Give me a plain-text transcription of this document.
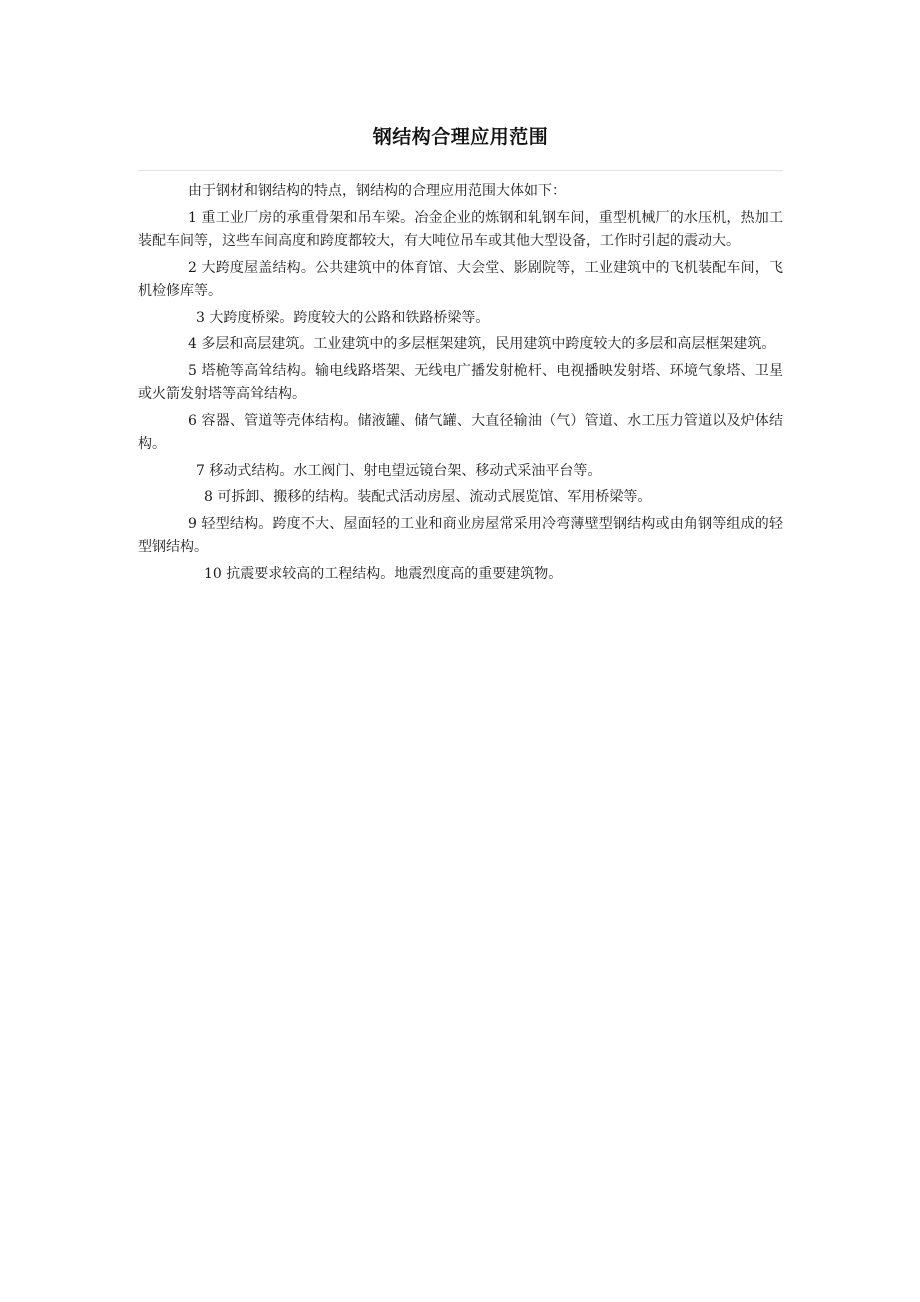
钢结构合理应用范围

由于钢材和钢结构的特点，钢结构的合理应用范围大体如下：

1 重工业厂房的承重骨架和吊车梁。冶金企业的炼钢和轧钢车间，重型机械厂的水压机，热加工装配车间等，这些车间高度和跨度都较大，有大吨位吊车或其他大型设备，工作时引起的震动大。

2 大跨度屋盖结构。公共建筑中的体育馆、大会堂、影剧院等，工业建筑中的飞机装配车间，飞机检修库等。

3 大跨度桥梁。跨度较大的公路和铁路桥梁等。

4 多层和高层建筑。工业建筑中的多层框架建筑，民用建筑中跨度较大的多层和高层框架建筑。

5 塔桅等高耸结构。输电线路塔架、无线电广播发射桅杆、电视播映发射塔、环境气象塔、卫星或火箭发射塔等高耸结构。

6 容器、管道等壳体结构。储液罐、储气罐、大直径输油（气）管道、水工压力管道以及炉体结构。

7 移动式结构。水工阀门、射电望远镜台架、移动式采油平台等。

8 可拆卸、搬移的结构。装配式活动房屋、流动式展览馆、军用桥梁等。

9 轻型结构。跨度不大、屋面轻的工业和商业房屋常采用冷弯薄壁型钢结构或由角钢等组成的轻型钢结构。

10 抗震要求较高的工程结构。地震烈度高的重要建筑物。
